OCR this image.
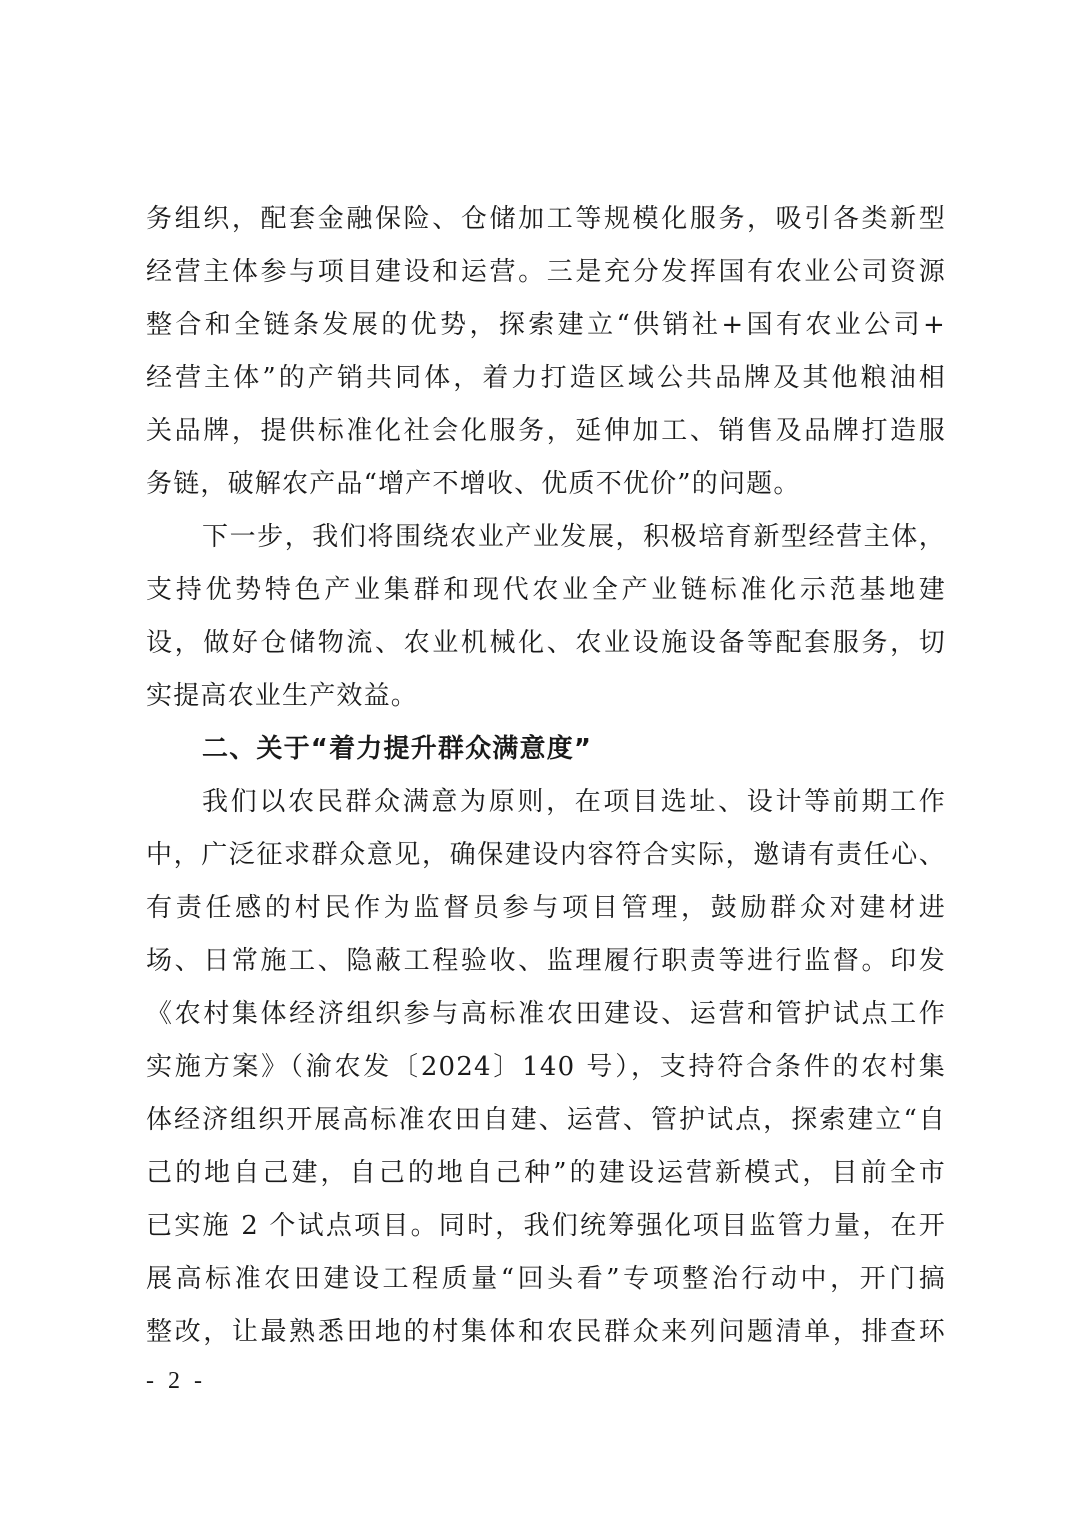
务组织，配套金融保险、仓储加工等规模化服务，吸引各类新型
经营主体参与项目建设和运营。三是充分发挥国有农业公司资源
整合和全链条发展的优势，探索建立“供销社+国有农业公司+
经营主体”的产销共同体，着力打造区域公共品牌及其他粮油相
关品牌，提供标准化社会化服务，延伸加工、销售及品牌打造服
务链，破解农产品“增产不增收、优质不优价”的问题。
下一步，我们将围绕农业产业发展，积极培育新型经营主体，
支持优势特色产业集群和现代农业全产业链标准化示范基地建
设，做好仓储物流、农业机械化、农业设施设备等配套服务，切
实提高农业生产效益。
二、关于“着力提升群众满意度”
我们以农民群众满意为原则，在项目选址、设计等前期工作
中，广泛征求群众意见，确保建设内容符合实际，邀请有责任心、
有责任感的村民作为监督员参与项目管理，鼓励群众对建材进
场、日常施工、隐蔽工程验收、监理履行职责等进行监督。印发
《农村集体经济组织参与高标准农田建设、运营和管护试点工作
实施方案》（渝农发〔2024〕140 号），支持符合条件的农村集
体经济组织开展高标准农田自建、运营、管护试点，探索建立“自
己的地自己建，自己的地自己种”的建设运营新模式，目前全市
已实施 2 个试点项目。同时，我们统筹强化项目监管力量，在开
展高标准农田建设工程质量“回头看”专项整治行动中，开门搞
整改，让最熟悉田地的村集体和农民群众来列问题清单，排查环
- 2 -
